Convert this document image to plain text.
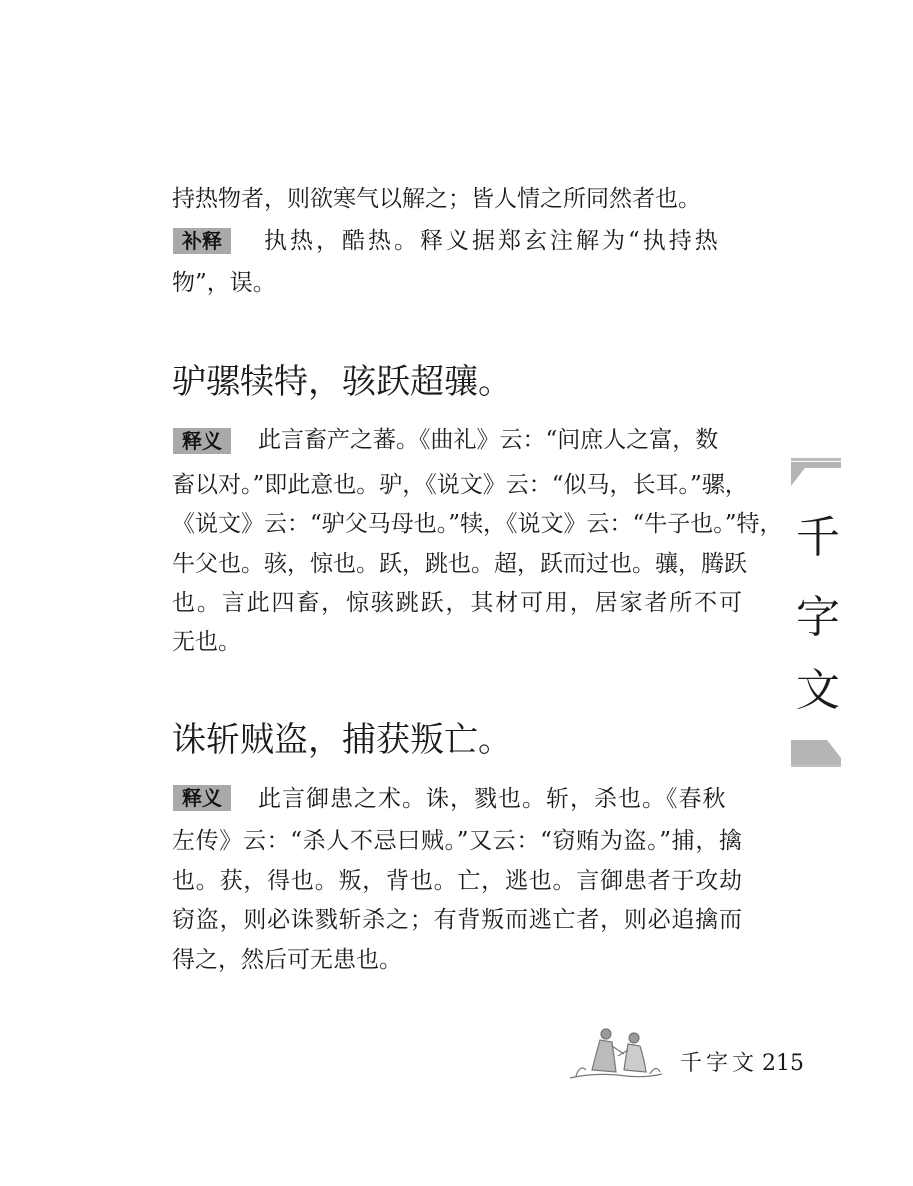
持热物者，则欲寒气以解之；皆人情之所同然者也。
补释	执热，酷热。释义据郑玄注解为“执持热
物”，误。
驴骡犊特，骇跃超骧。
释义	此言畜产之蕃。《曲礼》云：“问庶人之富，数
畜以对。”即此意也。驴，《说文》云：“似马，长耳。”骡，
《说文》云：“驴父马母也。”犊，《说文》云：“牛子也。”特，
牛父也。骇，惊也。跃，跳也。超，跃而过也。骧，腾跃
也。言此四畜，惊骇跳跃，其材可用，居家者所不可
无也。
诛斩贼盗，捕获叛亡。
释义	此言御患之术。诛，戮也。斩，杀也。《春秋
左传》云：“杀人不忌曰贼。”又云：“窃贿为盗。”捕，擒
也。获，得也。叛，背也。亡，逃也。言御患者于攻劫
窃盗，则必诛戮斩杀之；有背叛而逃亡者，则必追擒而
得之，然后可无患也。
千
字
文
千字文 215
